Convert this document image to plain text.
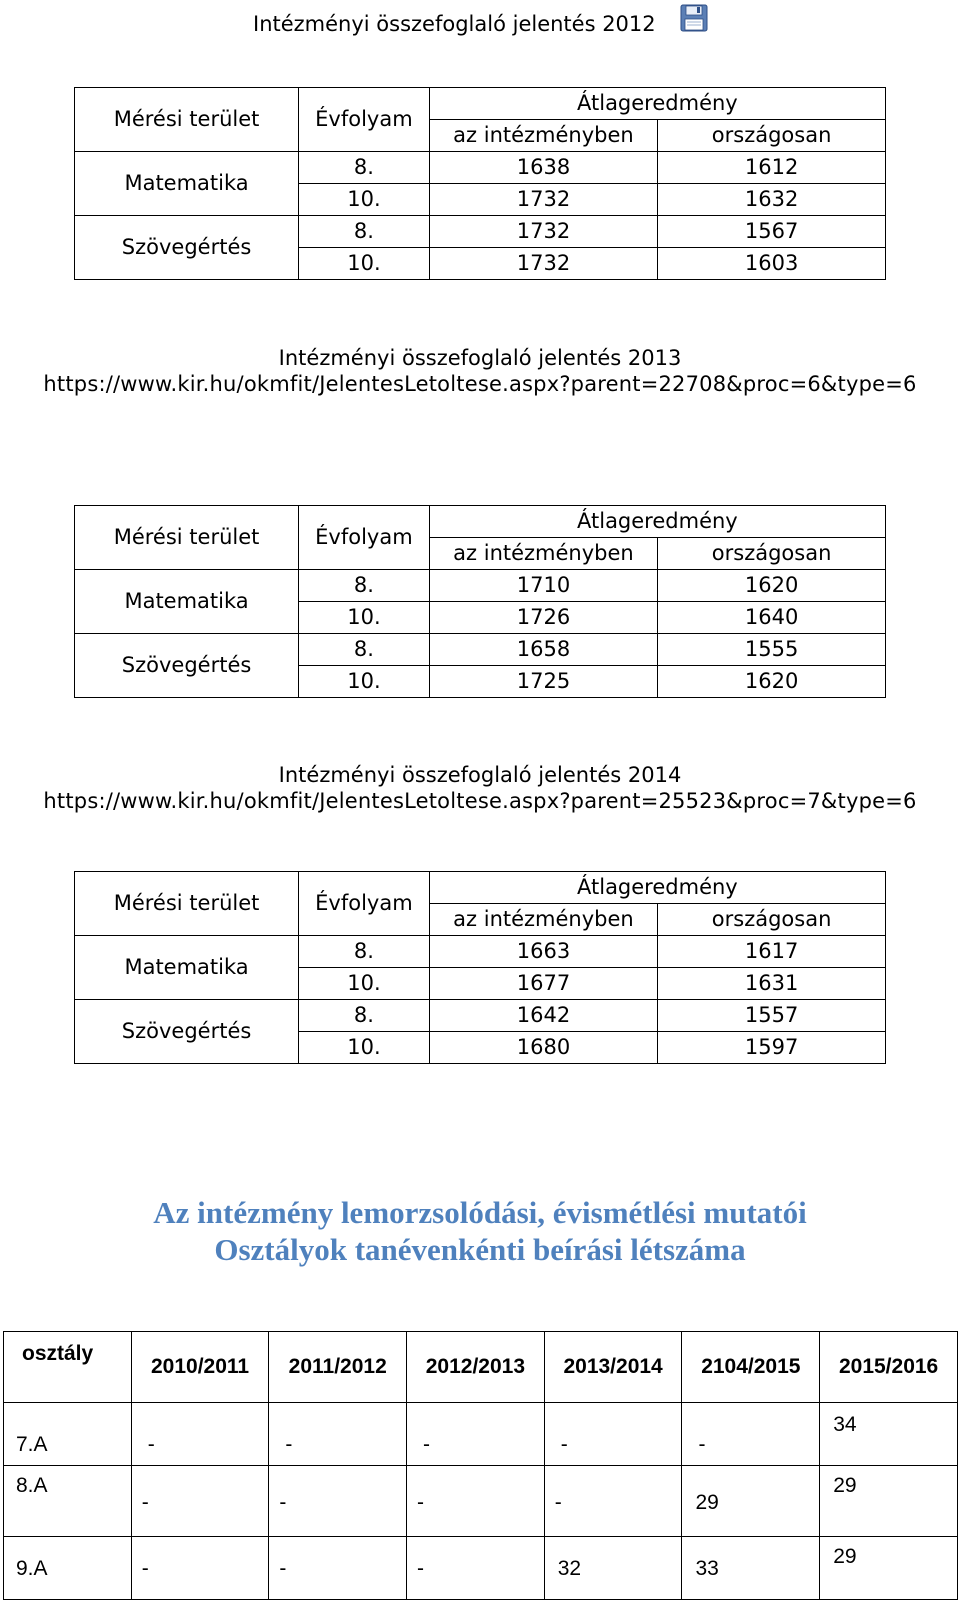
Intézményi összefoglaló jelentés 2012
Mérési terület	Évfolyam	Átlageredmény	
		az intézményben	országosan
Matematika	8.	1638	1612
	10.	1732	1632
Szövegértés	8.	1732	1567
	10.	1732	1603
Intézményi összefoglaló jelentés 2013
https://www.kir.hu/okmfit/JelentesLetoltese.aspx?parent=22708&proc=6&type=6
Mérési terület	Évfolyam	Átlageredmény	
		az intézményben	országosan
Matematika	8.	1710	1620
	10.	1726	1640
Szövegértés	8.	1658	1555
	10.	1725	1620
Intézményi összefoglaló jelentés 2014
https://www.kir.hu/okmfit/JelentesLetoltese.aspx?parent=25523&proc=7&type=6
Mérési terület	Évfolyam	Átlageredmény	
		az intézményben	országosan
Matematika	8.	1663	1617
	10.	1677	1631
Szövegértés	8.	1642	1557
	10.	1680	1597
Az intézmény lemorzsolódási, évismétlési mutatói
Osztályok tanévenkénti beírási létszáma
osztály	2010/2011	2011/2012	2012/2013	2013/2014	2104/2015	2015/2016

7.A	-	-	-	-	-	34

8.A	-	-	-	-	29	29

9.A	-	-	-	32	33	29
